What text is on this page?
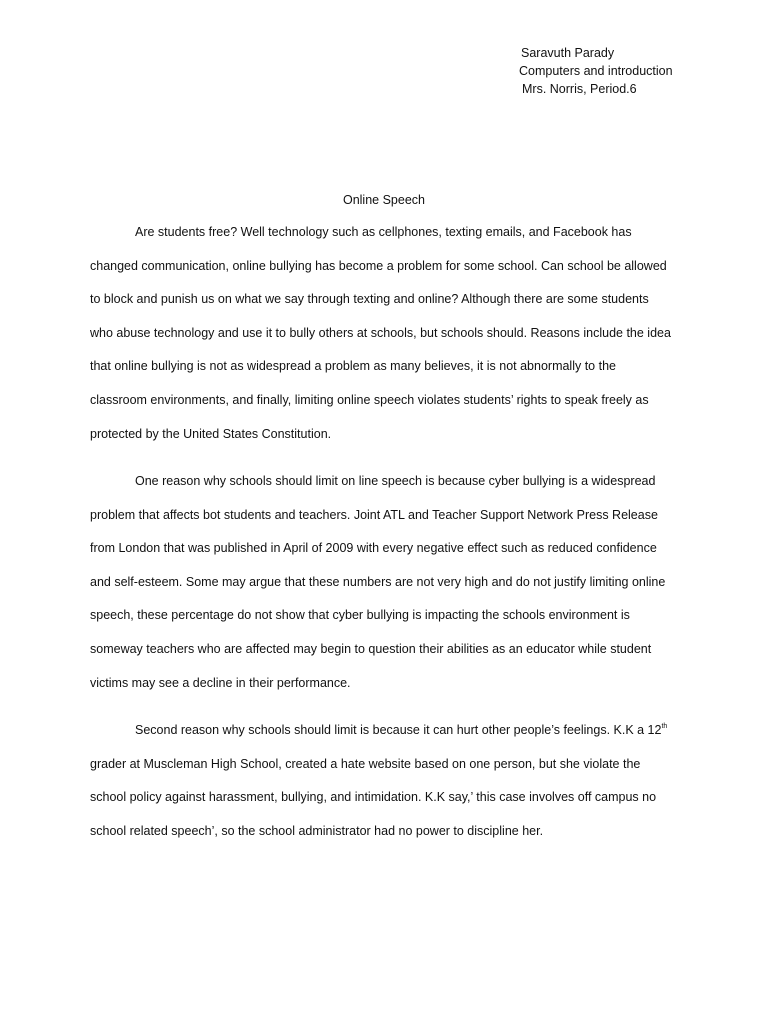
Saravuth Parady
Computers and introduction
Mrs. Norris, Period.6
Online Speech
Are students free? Well technology such as cellphones, texting emails, and Facebook has
changed communication, online bullying has become a problem for some school. Can school be allowed
to block and punish us on what we say through texting and online? Although there are some students
who abuse technology and use it to bully others at schools, but schools should. Reasons include the idea
that online bullying is not as widespread a problem as many believes, it is not abnormally to the
classroom environments, and finally, limiting online speech violates students’ rights to speak freely as
protected by the United States Constitution.
One reason why schools should limit on line speech is because cyber bullying is a widespread
problem that affects bot students and teachers. Joint ATL and Teacher Support Network Press Release
from London that was published in April of 2009 with every negative effect such as reduced confidence
and self-esteem. Some may argue that these numbers are not very high and do not justify limiting online
speech, these percentage do not show that cyber bullying is impacting the schools environment is
someway teachers who are affected may begin to question their abilities as an educator while student
victims may see a decline in their performance.
Second reason why schools should limit is because it can hurt other people’s feelings. K.K a 12th
grader at Muscleman High School, created a hate website based on one person, but she violate the
school policy against harassment, bullying, and intimidation. K.K say,’ this case involves off campus no
school related speech’, so the school administrator had no power to discipline her.
